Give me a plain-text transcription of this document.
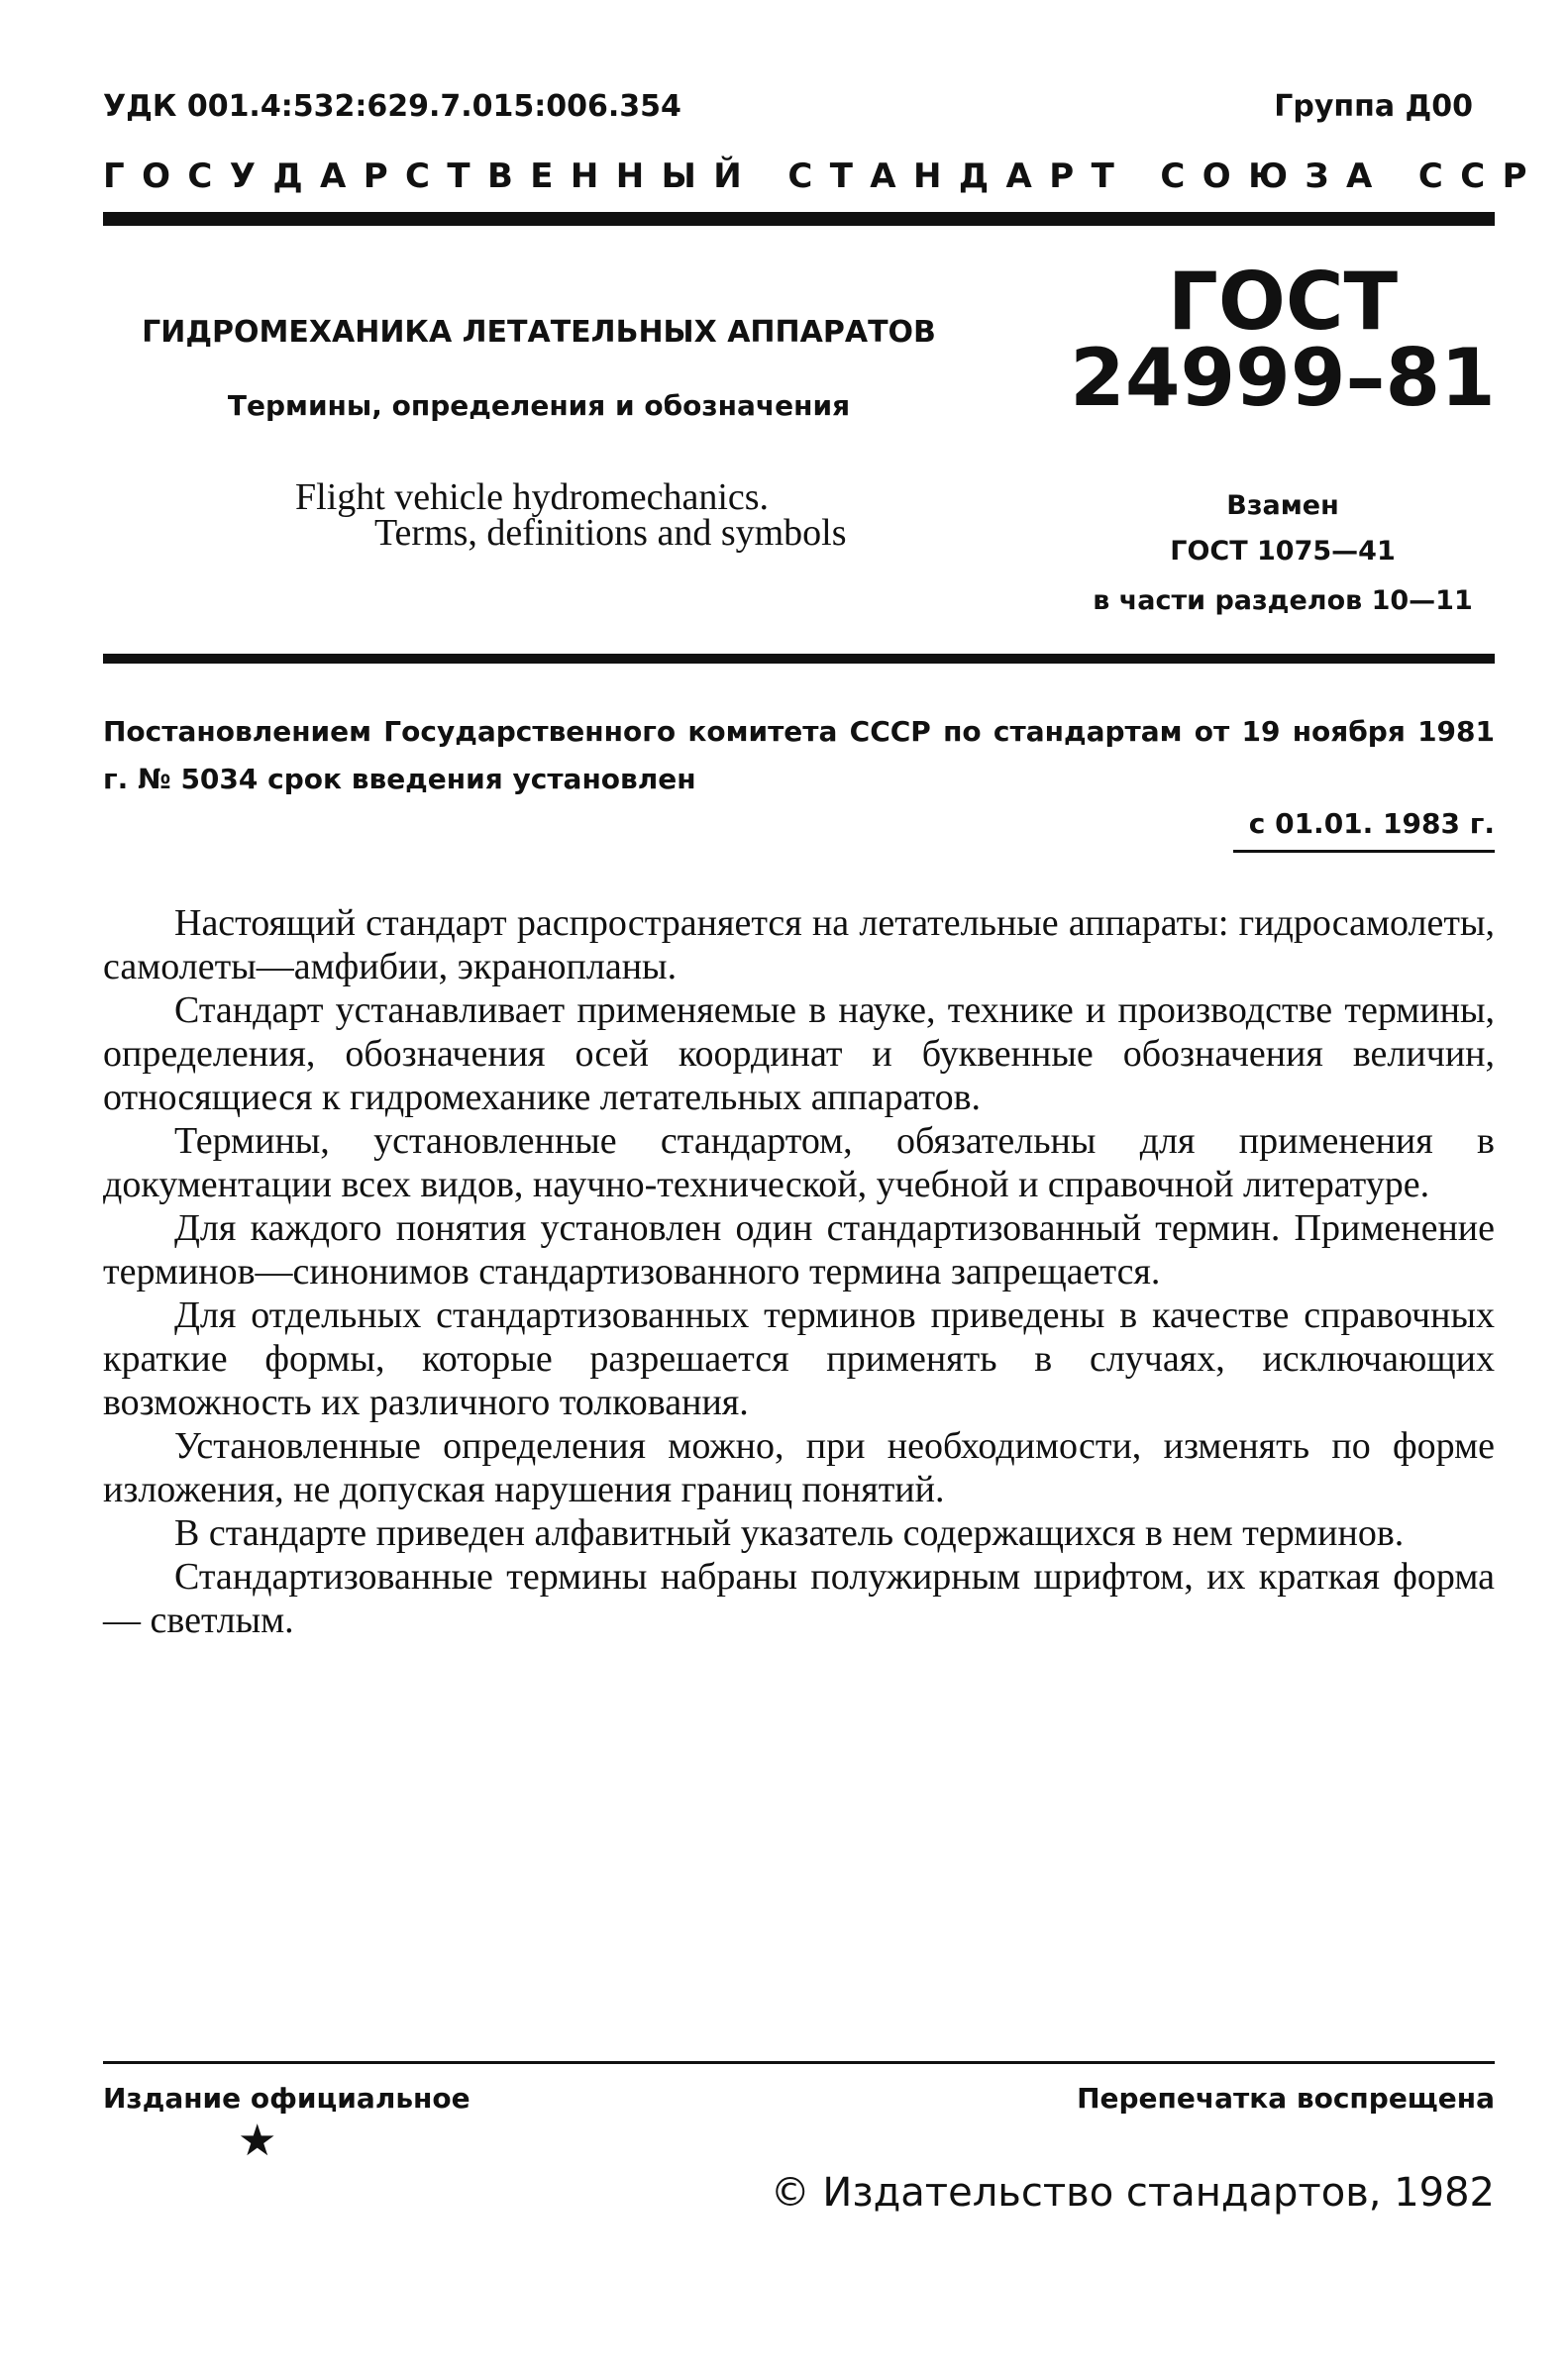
УДК 001.4:532:629.7.015:006.354	Группа Д00
ГОСУДАРСТВЕННЫЙ СТАНДАРТ СОЮЗА ССР
ГИДРОМЕХАНИКА ЛЕТАТЕЛЬНЫХ АППАРАТОВ
Термины, определения и обозначения
Flight vehicle hydromechanics.
Terms, definitions and symbols
ГОСТ
24999–81
Взамен
ГОСТ 1075—41
в части разделов 10—11
Постановлением Государственного комитета СССР по стандартам от 19 ноября 1981 г. № 5034 срок введения установлен
с 01.01. 1983 г.

Настоящий стандарт распространяется на летательные аппараты: гидросамолеты, самолеты—амфибии, экранопланы.

Стандарт устанавливает применяемые в науке, технике и производстве термины, определения, обозначения осей координат и буквенные обозначения величин, относящиеся к гидромеханике летательных аппаратов.

Термины, установленные стандартом, обязательны для применения в документации всех видов, научно-технической, учебной и справочной литературе.

Для каждого понятия установлен один стандартизованный термин. Применение терминов—синонимов стандартизованного термина запрещается.

Для отдельных стандартизованных терминов приведены в качестве справочных краткие формы, которые разрешается применять в случаях, исключающих возможность их различного толкования.

Установленные определения можно, при необходимости, изменять по форме изложения, не допуская нарушения границ понятий.

В стандарте приведен алфавитный указатель содержащихся в нем терминов.

Стандартизованные термины набраны полужирным шрифтом, их краткая форма — светлым.

Издание официальное	Перепечатка воспрещена
★
© Издательство стандартов, 1982
